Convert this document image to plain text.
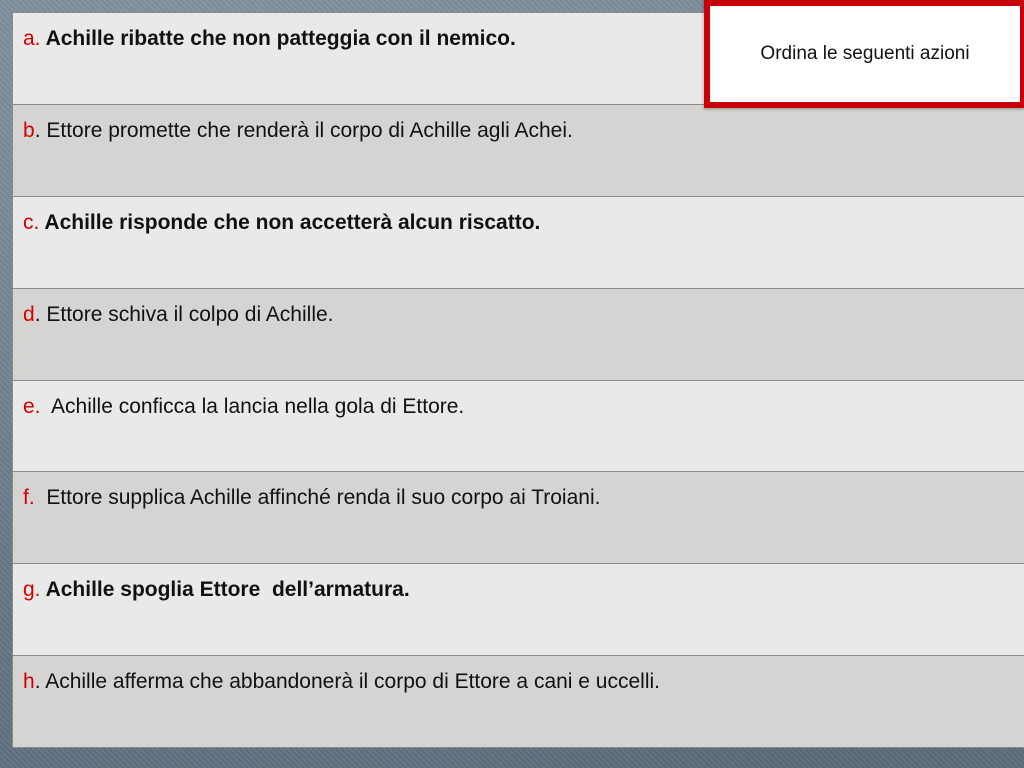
a. Achille ribatte che non patteggia con il nemico.
b. Ettore promette che renderà il corpo di Achille agli Achei.
c. Achille risponde che non accetterà alcun riscatto.
d. Ettore schiva il colpo di Achille.
e.  Achille conficca la lancia nella gola di Ettore.
f.  Ettore supplica Achille affinché renda il suo corpo ai Troiani.
g. Achille spoglia Ettore  dell’armatura.
h. Achille afferma che abbandonerà il corpo di Ettore a cani e uccelli.
Ordina le seguenti azioni
